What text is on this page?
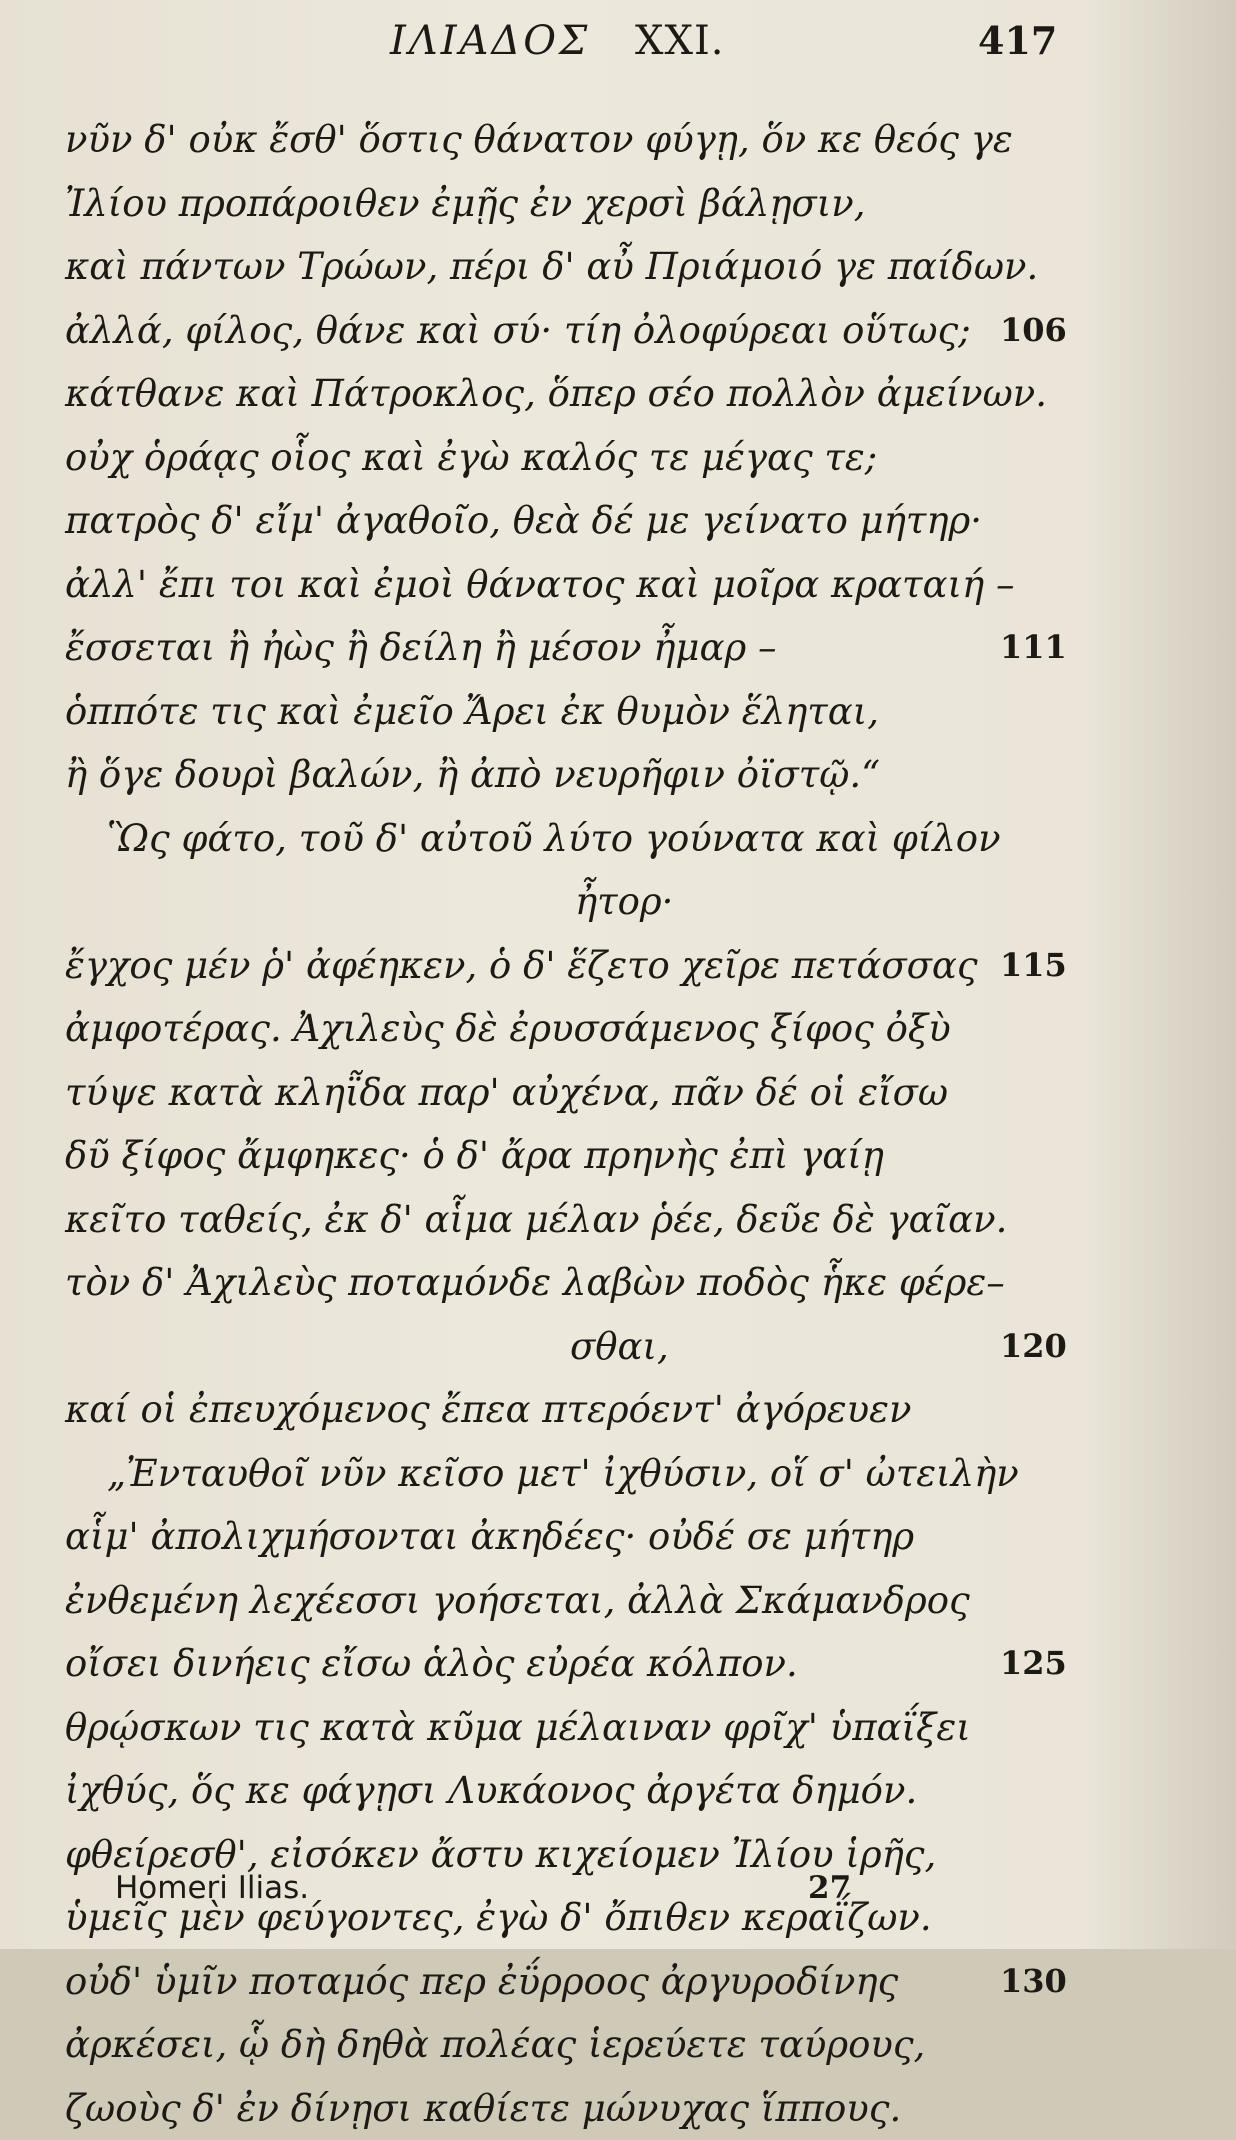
ΙΛΙΑΔΟΣ XXI.	417
νῦν δ' οὐκ ἔσθ' ὅστις θάνατον φύγῃ, ὅν κε θεός γε
Ἰλίου προπάροιθεν ἐμῇς ἐν χερσὶ βάλῃσιν,
καὶ πάντων Τρώων, πέρι δ' αὖ Πριάμοιό γε παίδων.
ἀλλά, φίλος, θάνε καὶ σύ· τίη ὀλοφύρεαι οὕτως; 106
κάτθανε καὶ Πάτροκλος, ὅπερ σέο πολλὸν ἀμείνων.
οὐχ ὁράᾳς οἷος καὶ ἐγὼ καλός τε μέγας τε;
πατρὸς δ' εἴμ' ἀγαθοῖο, θεὰ δέ με γείνατο μήτηρ·
ἀλλ' ἔπι τοι καὶ ἐμοὶ θάνατος καὶ μοῖρα κραταιή –
ἔσσεται ἢ ἠὼς ἢ δείλη ἢ μέσον ἦμαρ –	111
ὁππότε τις καὶ ἐμεῖο Ἄρει ἐκ θυμὸν ἕληται,
ἢ ὅγε δουρὶ βαλών, ἢ ἀπὸ νευρῆφιν ὀϊστῷ.“
Ὣς φάτο, τοῦ δ' αὐτοῦ λύτο γούνατα καὶ φίλον
ἦτορ·
ἔγχος μέν ῥ' ἀφέηκεν, ὁ δ' ἕζετο χεῖρε πετάσσας 115
ἀμφοτέρας. Ἀχιλεὺς δὲ ἐρυσσάμενος ξίφος ὀξὺ
τύψε κατὰ κληῗδα παρ' αὐχένα, πᾶν δέ οἱ εἴσω
δῦ ξίφος ἄμφηκες· ὁ δ' ἄρα πρηνὴς ἐπὶ γαίῃ
κεῖτο ταθείς, ἐκ δ' αἷμα μέλαν ῥέε, δεῦε δὲ γαῖαν.
τὸν δ' Ἀχιλεὺς ποταμόνδε λαβὼν ποδὸς ἧκε φέρε–
σθαι,	120
καί οἱ ἐπευχόμενος ἔπεα πτερόεντ' ἀγόρευεν
„Ἐνταυθοῖ νῦν κεῖσο μετ' ἰχθύσιν, οἵ σ' ὠτειλὴν
αἷμ' ἀπολιχμήσονται ἀκηδέες· οὐδέ σε μήτηρ
ἐνθεμένη λεχέεσσι γοήσεται, ἀλλὰ Σκάμανδρος
οἴσει δινήεις εἴσω ἁλὸς εὐρέα κόλπον.	125
θρῴσκων τις κατὰ κῦμα μέλαιναν φρῖχ' ὑπαΐξει
ἰχθύς, ὅς κε φάγῃσι Λυκάονος ἀργέτα δημόν.
φθείρεσθ', εἰσόκεν ἄστυ κιχείομεν Ἰλίου ἱρῆς,
ὑμεῖς μὲν φεύγοντες, ἐγὼ δ' ὄπιθεν κεραΐζων.
οὐδ' ὑμῖν ποταμός περ ἐΰρροος ἀργυροδίνης	130
ἀρκέσει, ᾧ δὴ δηθὰ πολέας ἱερεύετε ταύρους,
ζωοὺς δ' ἐν δίνῃσι καθίετε μώνυχας ἵππους.
Homeri Ilias.	27
